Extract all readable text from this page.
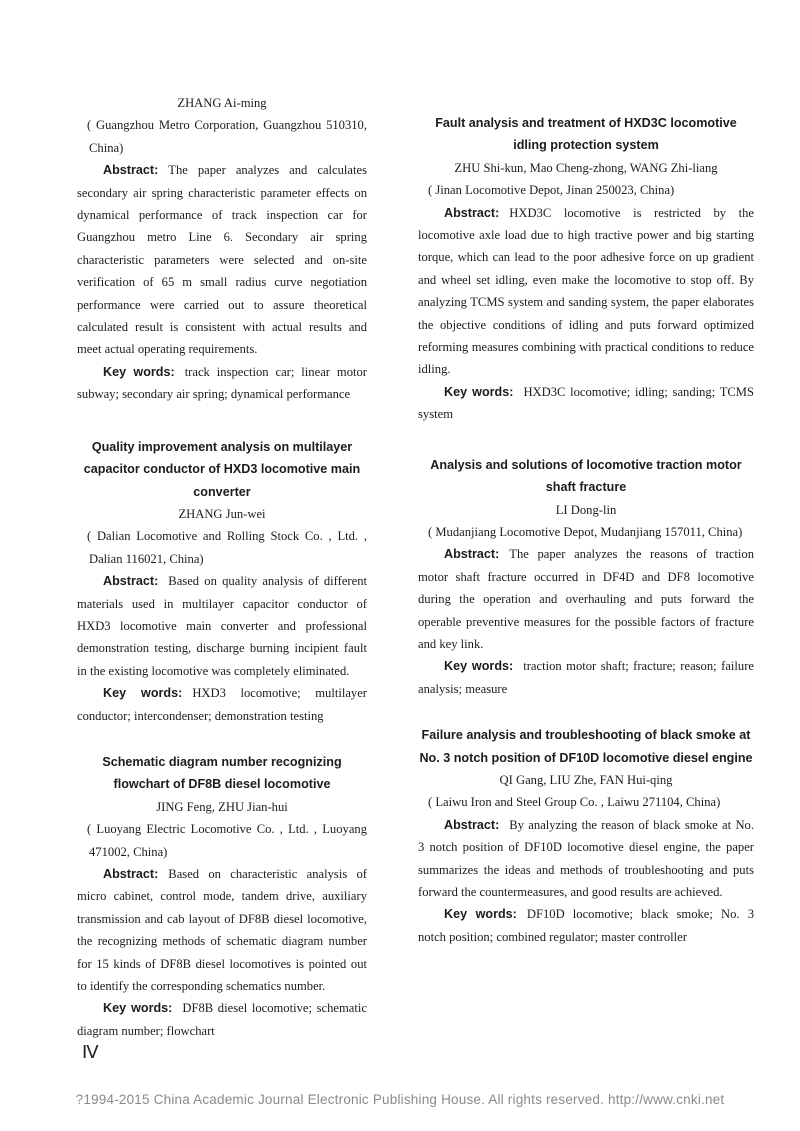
ZHANG Ai-ming
( Guangzhou Metro Corporation, Guangzhou 510310, China)
Abstract: The paper analyzes and calculates secondary air spring characteristic parameter effects on dynamical performance of track inspection car for Guangzhou metro Line 6. Secondary air spring characteristic parameters were selected and on-site verification of 65 m small radius curve negotiation performance were carried out to assure theoretical calculated result is consistent with actual results and meet actual operating requirements.
Key words: track inspection car; linear motor subway; secondary air spring; dynamical performance
Quality improvement analysis on multilayer capacitor conductor of HXD3 locomotive main converter
ZHANG Jun-wei
( Dalian Locomotive and Rolling Stock Co. , Ltd. , Dalian 116021, China)
Abstract: Based on quality analysis of different materials used in multilayer capacitor conductor of HXD3 locomotive main converter and professional demonstration testing, discharge burning incipient fault in the existing locomotive was completely eliminated.
Key words: HXD3 locomotive; multilayer conductor; intercondenser; demonstration testing
Schematic diagram number recognizing flowchart of DF8B diesel locomotive
JING Feng, ZHU Jian-hui
( Luoyang Electric Locomotive Co. , Ltd. , Luoyang 471002, China)
Abstract: Based on characteristic analysis of micro cabinet, control mode, tandem drive, auxiliary transmission and cab layout of DF8B diesel locomotive, the recognizing methods of schematic diagram number for 15 kinds of DF8B diesel locomotives is pointed out to identify the corresponding schematics number.
Key words: DF8B diesel locomotive; schematic diagram number; flowchart
Fault analysis and treatment of HXD3C locomotive idling protection system
ZHU Shi-kun, Mao Cheng-zhong, WANG Zhi-liang
( Jinan Locomotive Depot, Jinan 250023, China)
Abstract: HXD3C locomotive is restricted by the locomotive axle load due to high tractive power and big starting torque, which can lead to the poor adhesive force on up gradient and wheel set idling, even make the locomotive to stop off. By analyzing TCMS system and sanding system, the paper elaborates the objective conditions of idling and puts forward optimized reforming measures combining with practical conditions to reduce idling.
Key words: HXD3C locomotive; idling; sanding; TCMS system
Analysis and solutions of locomotive traction motor shaft fracture
LI Dong-lin
( Mudanjiang Locomotive Depot, Mudanjiang 157011, China)
Abstract: The paper analyzes the reasons of traction motor shaft fracture occurred in DF4D and DF8 locomotive during the operation and overhauling and puts forward the operable preventive measures for the possible factors of fracture and key link.
Key words: traction motor shaft; fracture; reason; failure analysis; measure
Failure analysis and troubleshooting of black smoke at No. 3 notch position of DF10D locomotive diesel engine
QI Gang, LIU Zhe, FAN Hui-qing
( Laiwu Iron and Steel Group Co. , Laiwu 271104, China)
Abstract: By analyzing the reason of black smoke at No. 3 notch position of DF10D locomotive diesel engine, the paper summarizes the ideas and methods of troubleshooting and puts forward the countermeasures, and good results are achieved.
Key words: DF10D locomotive; black smoke; No. 3 notch position; combined regulator; master controller
Ⅳ
?1994-2015 China Academic Journal Electronic Publishing House. All rights reserved. http://www.cnki.net
